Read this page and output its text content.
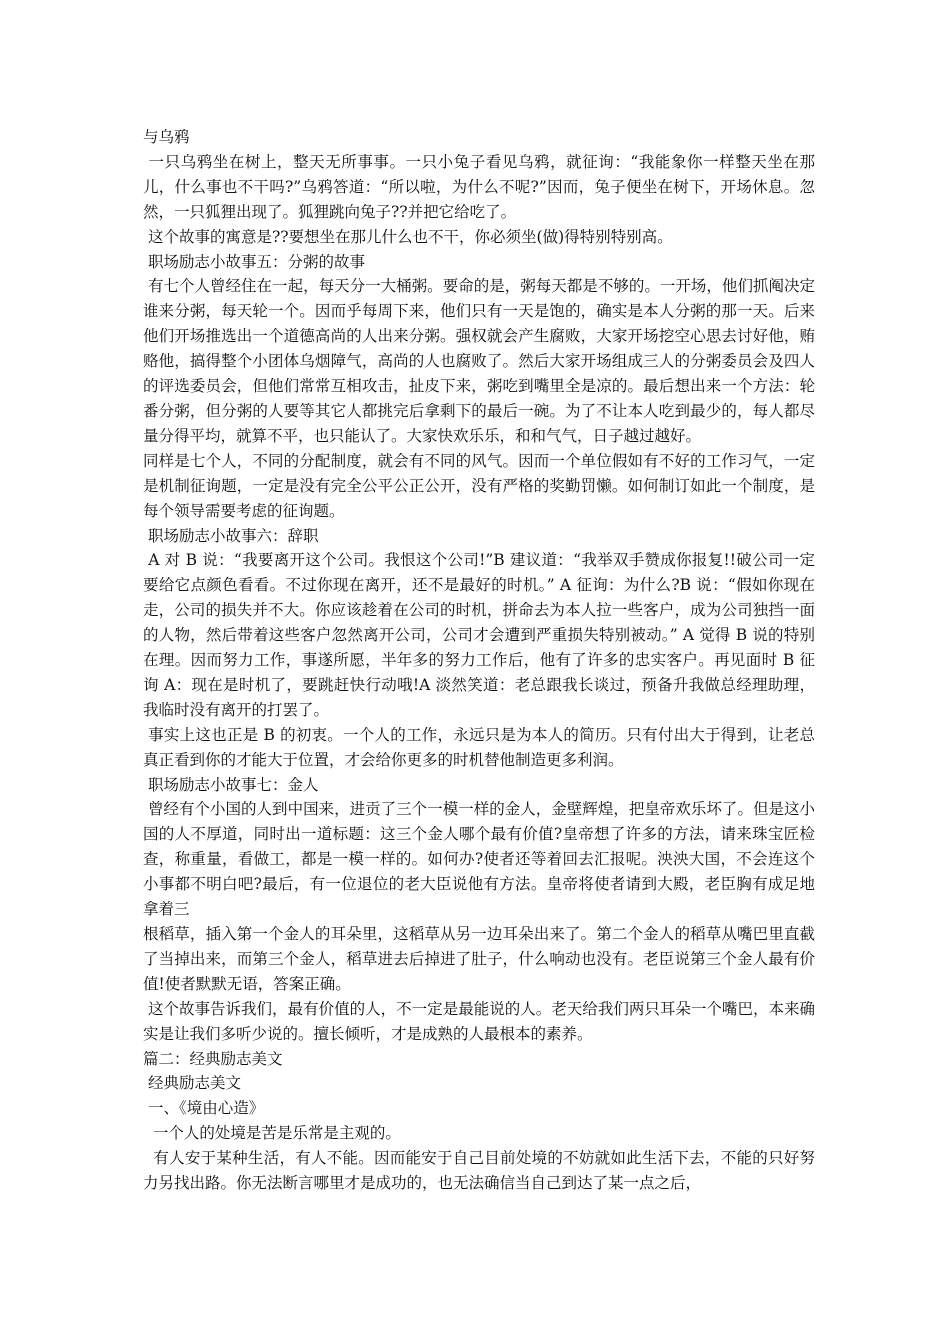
与乌鸦

一只乌鸦坐在树上，整天无所事事。一只小兔子看见乌鸦，就征询：“我能象你一样整天坐在那儿，什么事也不干吗?”乌鸦答道：“所以啦，为什么不呢?”因而，兔子便坐在树下，开场休息。忽然，一只狐狸出现了。狐狸跳向兔子??并把它给吃了。

这个故事的寓意是??要想坐在那儿什么也不干，你必须坐(做)得特别特别高。

职场励志小故事五：分粥的故事

有七个人曾经住在一起，每天分一大桶粥。要命的是，粥每天都是不够的。一开场，他们抓阄决定谁来分粥，每天轮一个。因而乎每周下来，他们只有一天是饱的，确实是本人分粥的那一天。后来他们开场推选出一个道德高尚的人出来分粥。强权就会产生腐败，大家开场挖空心思去讨好他，贿赂他，搞得整个小团体乌烟障气，高尚的人也腐败了。然后大家开场组成三人的分粥委员会及四人的评选委员会，但他们常常互相攻击，扯皮下来，粥吃到嘴里全是凉的。最后想出来一个方法：轮番分粥，但分粥的人要等其它人都挑完后拿剩下的最后一碗。为了不让本人吃到最少的，每人都尽量分得平均，就算不平，也只能认了。大家快欢乐乐，和和气气，日子越过越好。

同样是七个人，不同的分配制度，就会有不同的风气。因而一个单位假如有不好的工作习气，一定是机制征询题，一定是没有完全公平公正公开，没有严格的奖勤罚懒。如何制订如此一个制度，是每个领导需要考虑的征询题。

职场励志小故事六：辞职

A 对 B 说：“我要离开这个公司。我恨这个公司!”B 建议道：“我举双手赞成你报复!!破公司一定要给它点颜色看看。不过你现在离开，还不是最好的时机。” A 征询：为什么?B 说：“假如你现在走，公司的损失并不大。你应该趁着在公司的时机，拼命去为本人拉一些客户，成为公司独挡一面的人物，然后带着这些客户忽然离开公司，公司才会遭到严重损失特别被动。” A 觉得 B 说的特别在理。因而努力工作，事遂所愿，半年多的努力工作后，他有了许多的忠实客户。再见面时 B 征询 A：现在是时机了，要跳赶快行动哦!A 淡然笑道：老总跟我长谈过，预备升我做总经理助理，我临时没有离开的打罢了。

事实上这也正是 B 的初衷。一个人的工作，永远只是为本人的简历。只有付出大于得到，让老总真正看到你的才能大于位置，才会给你更多的时机替他制造更多利润。

职场励志小故事七：金人

曾经有个小国的人到中国来，进贡了三个一模一样的金人，金壁辉煌，把皇帝欢乐坏了。但是这小国的人不厚道，同时出一道标题：这三个金人哪个最有价值?皇帝想了许多的方法，请来珠宝匠检查，称重量，看做工，都是一模一样的。如何办?使者还等着回去汇报呢。泱泱大国，不会连这个小事都不明白吧?最后，有一位退位的老大臣说他有方法。皇帝将使者请到大殿，老臣胸有成足地拿着三

根稻草，插入第一个金人的耳朵里，这稻草从另一边耳朵出来了。第二个金人的稻草从嘴巴里直截了当掉出来，而第三个金人，稻草进去后掉进了肚子，什么响动也没有。老臣说第三个金人最有价值!使者默默无语，答案正确。

这个故事告诉我们，最有价值的人，不一定是最能说的人。老天给我们两只耳朵一个嘴巴，本来确实是让我们多听少说的。擅长倾听，才是成熟的人最根本的素养。

篇二：经典励志美文

经典励志美文

一、《境由心造》

一个人的处境是苦是乐常是主观的。

有人安于某种生活，有人不能。因而能安于自己目前处境的不妨就如此生活下去，不能的只好努力另找出路。你无法断言哪里才是成功的，也无法确信当自己到达了某一点之后，
